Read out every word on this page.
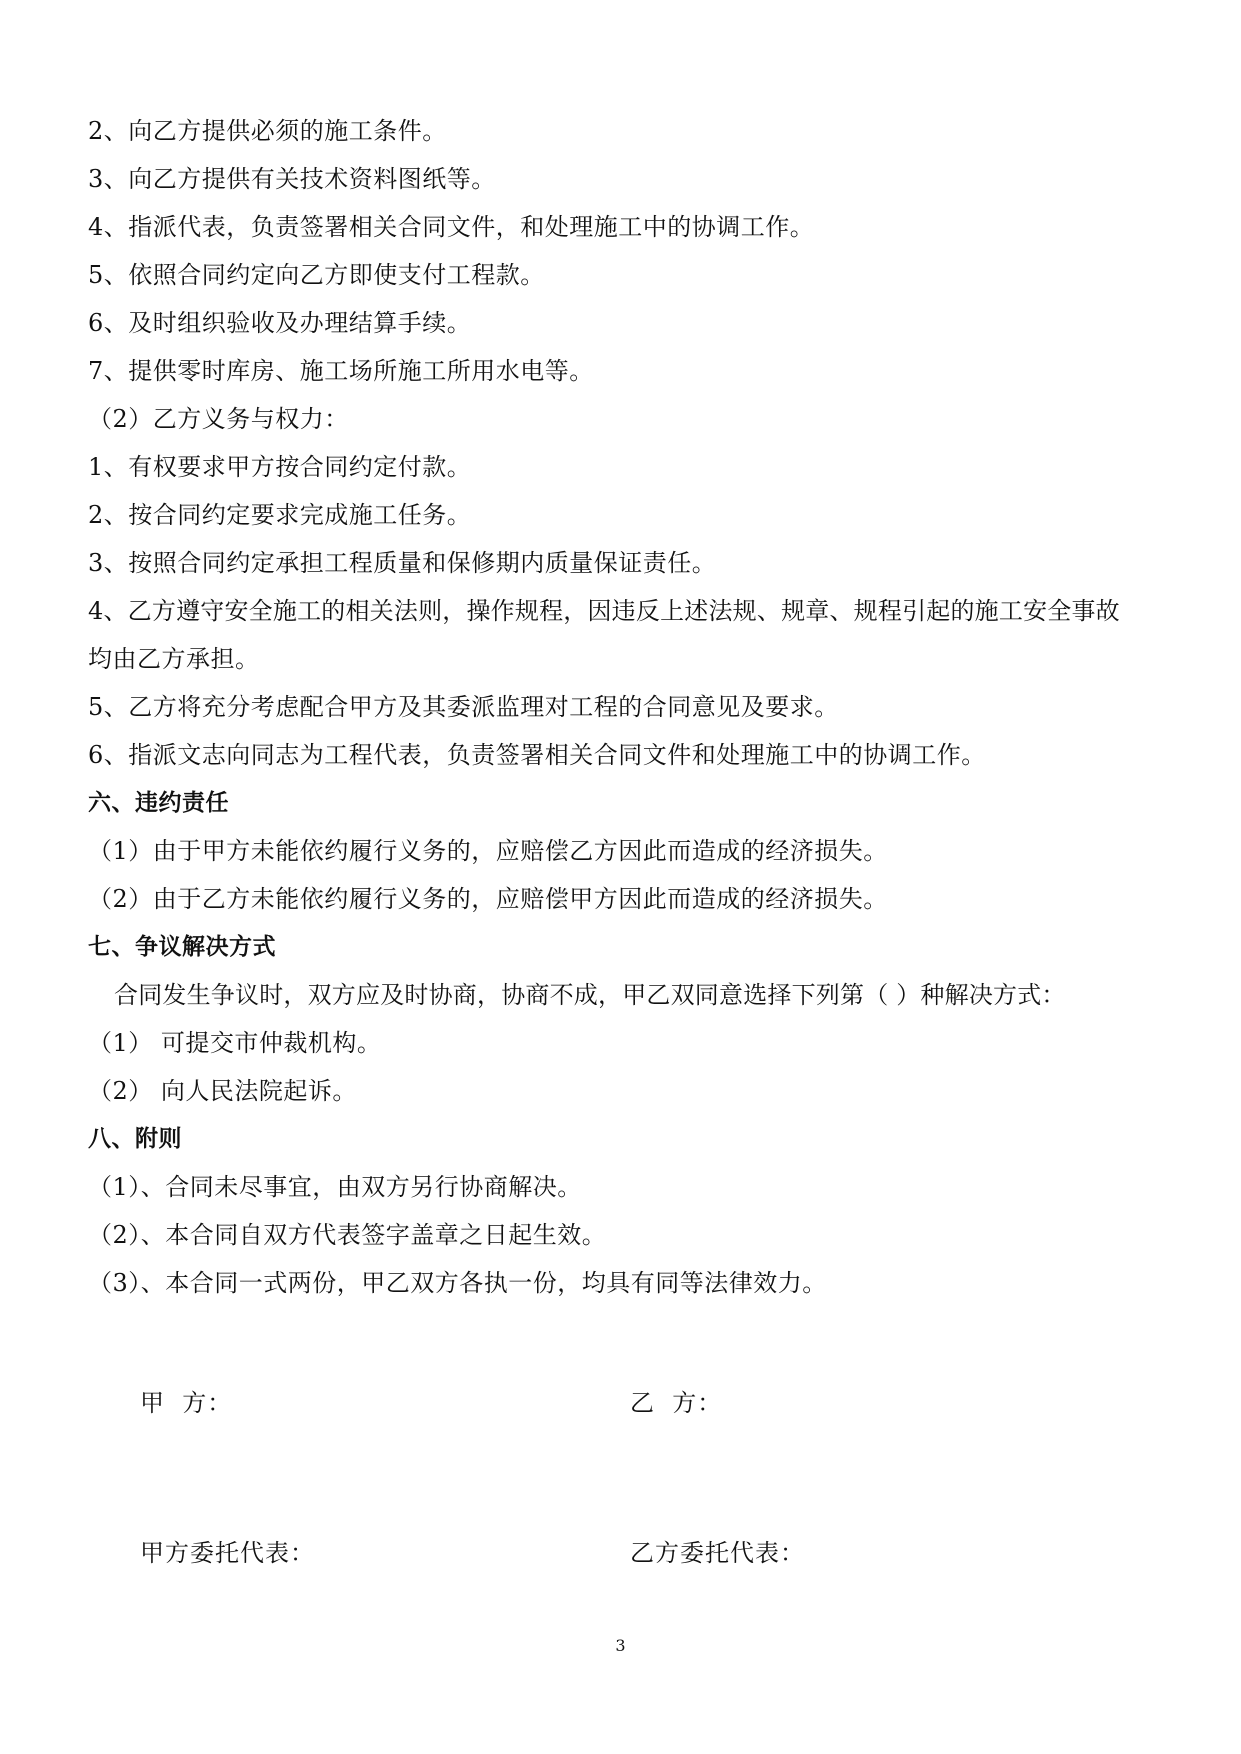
2、向乙方提供必须的施工条件。
3、向乙方提供有关技术资料图纸等。
4、指派代表，负责签署相关合同文件，和处理施工中的协调工作。
5、依照合同约定向乙方即使支付工程款。
6、及时组织验收及办理结算手续。
7、提供零时库房、施工场所施工所用水电等。
（2）乙方义务与权力：
1、有权要求甲方按合同约定付款。
2、按合同约定要求完成施工任务。
3、按照合同约定承担工程质量和保修期内质量保证责任。
4、乙方遵守安全施工的相关法则，操作规程，因违反上述法规、规章、规程引起的施工安全事故
均由乙方承担。
5、乙方将充分考虑配合甲方及其委派监理对工程的合同意见及要求。
6、指派文志向同志为工程代表，负责签署相关合同文件和处理施工中的协调工作。
六、违约责任
（1）由于甲方未能依约履行义务的，应赔偿乙方因此而造成的经济损失。
（2）由于乙方未能依约履行义务的，应赔偿甲方因此而造成的经济损失。
七、争议解决方式
合同发生争议时，双方应及时协商，协商不成，甲乙双同意选择下列第（ ）种解决方式：
（1） 可提交市仲裁机构。
（2） 向人民法院起诉。
八、附则
（1）、合同未尽事宜，由双方另行协商解决。
（2）、本合同自双方代表签字盖章之日起生效。
（3）、本合同一式两份，甲乙双方各执一份，均具有同等法律效力。
甲  方：	乙  方：
甲方委托代表：	乙方委托代表：
3
